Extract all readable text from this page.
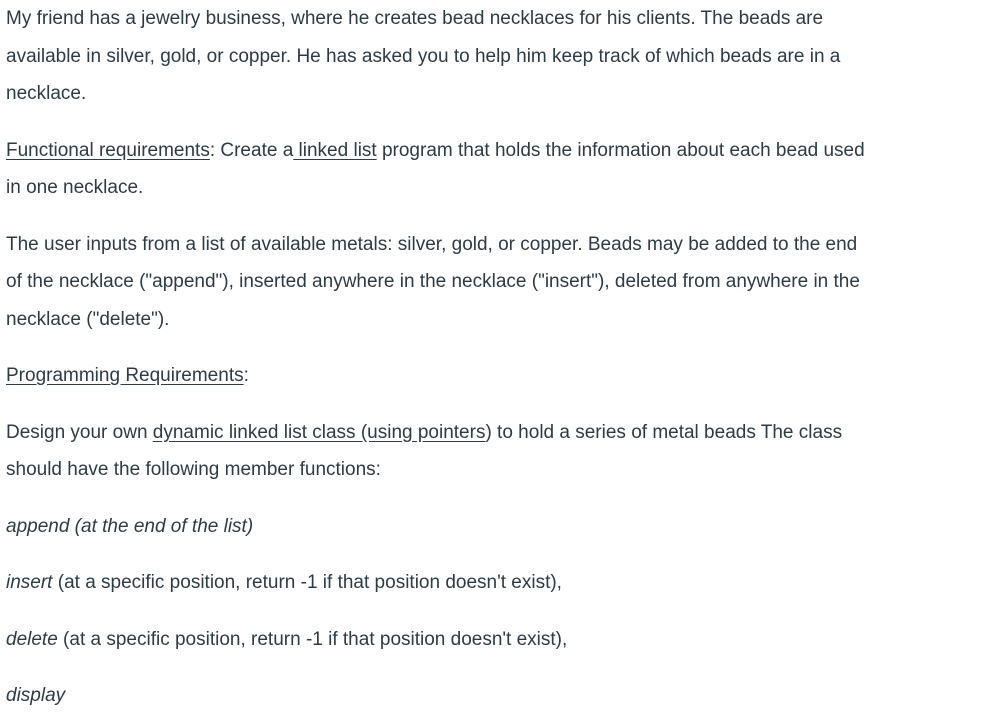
My friend has a jewelry business, where he creates bead necklaces for his clients. The beads are

available in silver, gold, or copper. He has asked you to help him keep track of which beads are in a

necklace.

Functional requirements: Create a linked list program that holds the information about each bead used

in one necklace.

The user inputs from a list of available metals: silver, gold, or copper. Beads may be added to the end

of the necklace ("append"), inserted anywhere in the necklace ("insert"), deleted from anywhere in the

necklace ("delete").

Programming Requirements:

Design your own dynamic linked list class (using pointers) to hold a series of metal beads The class

should have the following member functions:

append (at the end of the list)

insert (at a specific position, return -1 if that position doesn't exist),

delete (at a specific position, return -1 if that position doesn't exist),

display
